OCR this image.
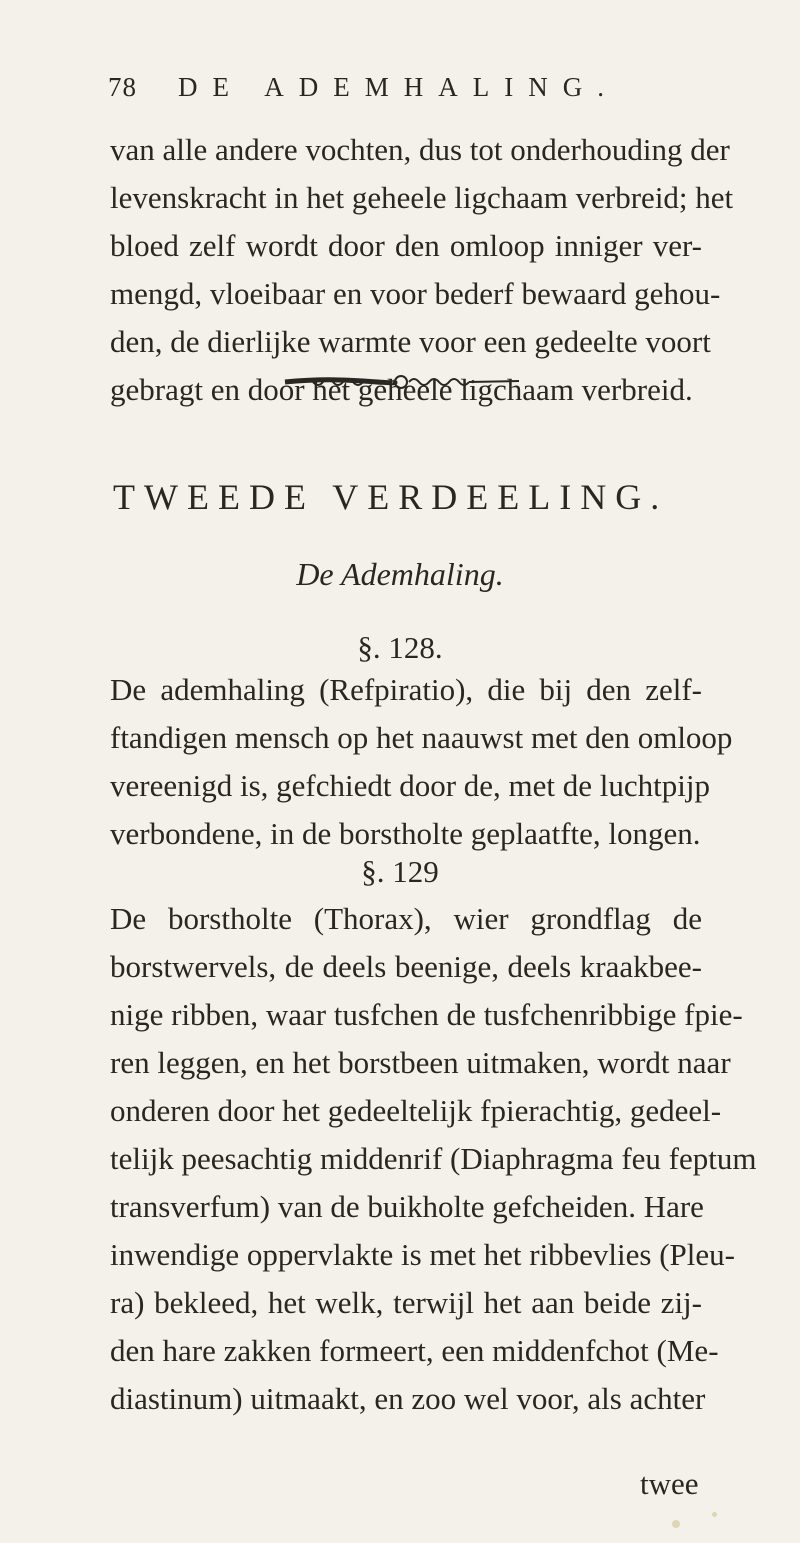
78 DE ADEMHALING.
van alle andere vochten, dus tot onderhouding der
levenskracht in het geheele ligchaam verbreid; het
bloed zelf wordt door den omloop inniger ver-
mengd, vloeibaar en voor bederf bewaard gehou-
den, de dierlijke warmte voor een gedeelte voort
gebragt en door het geheele ligchaam verbreid.
TWEEDE VERDEELING.
De Ademhaling.
§. 128.
De ademhaling (Refpiratio), die bij den zelf-
ftandigen mensch op het naauwst met den omloop
vereenigd is, gefchiedt door de, met de luchtpijp
verbondene, in de borstholte geplaatfte, longen.
§. 129
De borstholte (Thorax), wier grondflag de
borstwervels, de deels beenige, deels kraakbee-
nige ribben, waar tusfchen de tusfchenribbige fpie-
ren leggen, en het borstbeen uitmaken, wordt naar
onderen door het gedeeltelijk fpierachtig, gedeel-
telijk peesachtig middenrif (Diaphragma feu feptum
transverfum) van de buikholte gefcheiden. Hare
inwendige oppervlakte is met het ribbevlies (Pleu-
ra) bekleed, het welk, terwijl het aan beide zij-
den hare zakken formeert, een middenfchot (Me-
diastinum) uitmaakt, en zoo wel voor, als achter
twee
